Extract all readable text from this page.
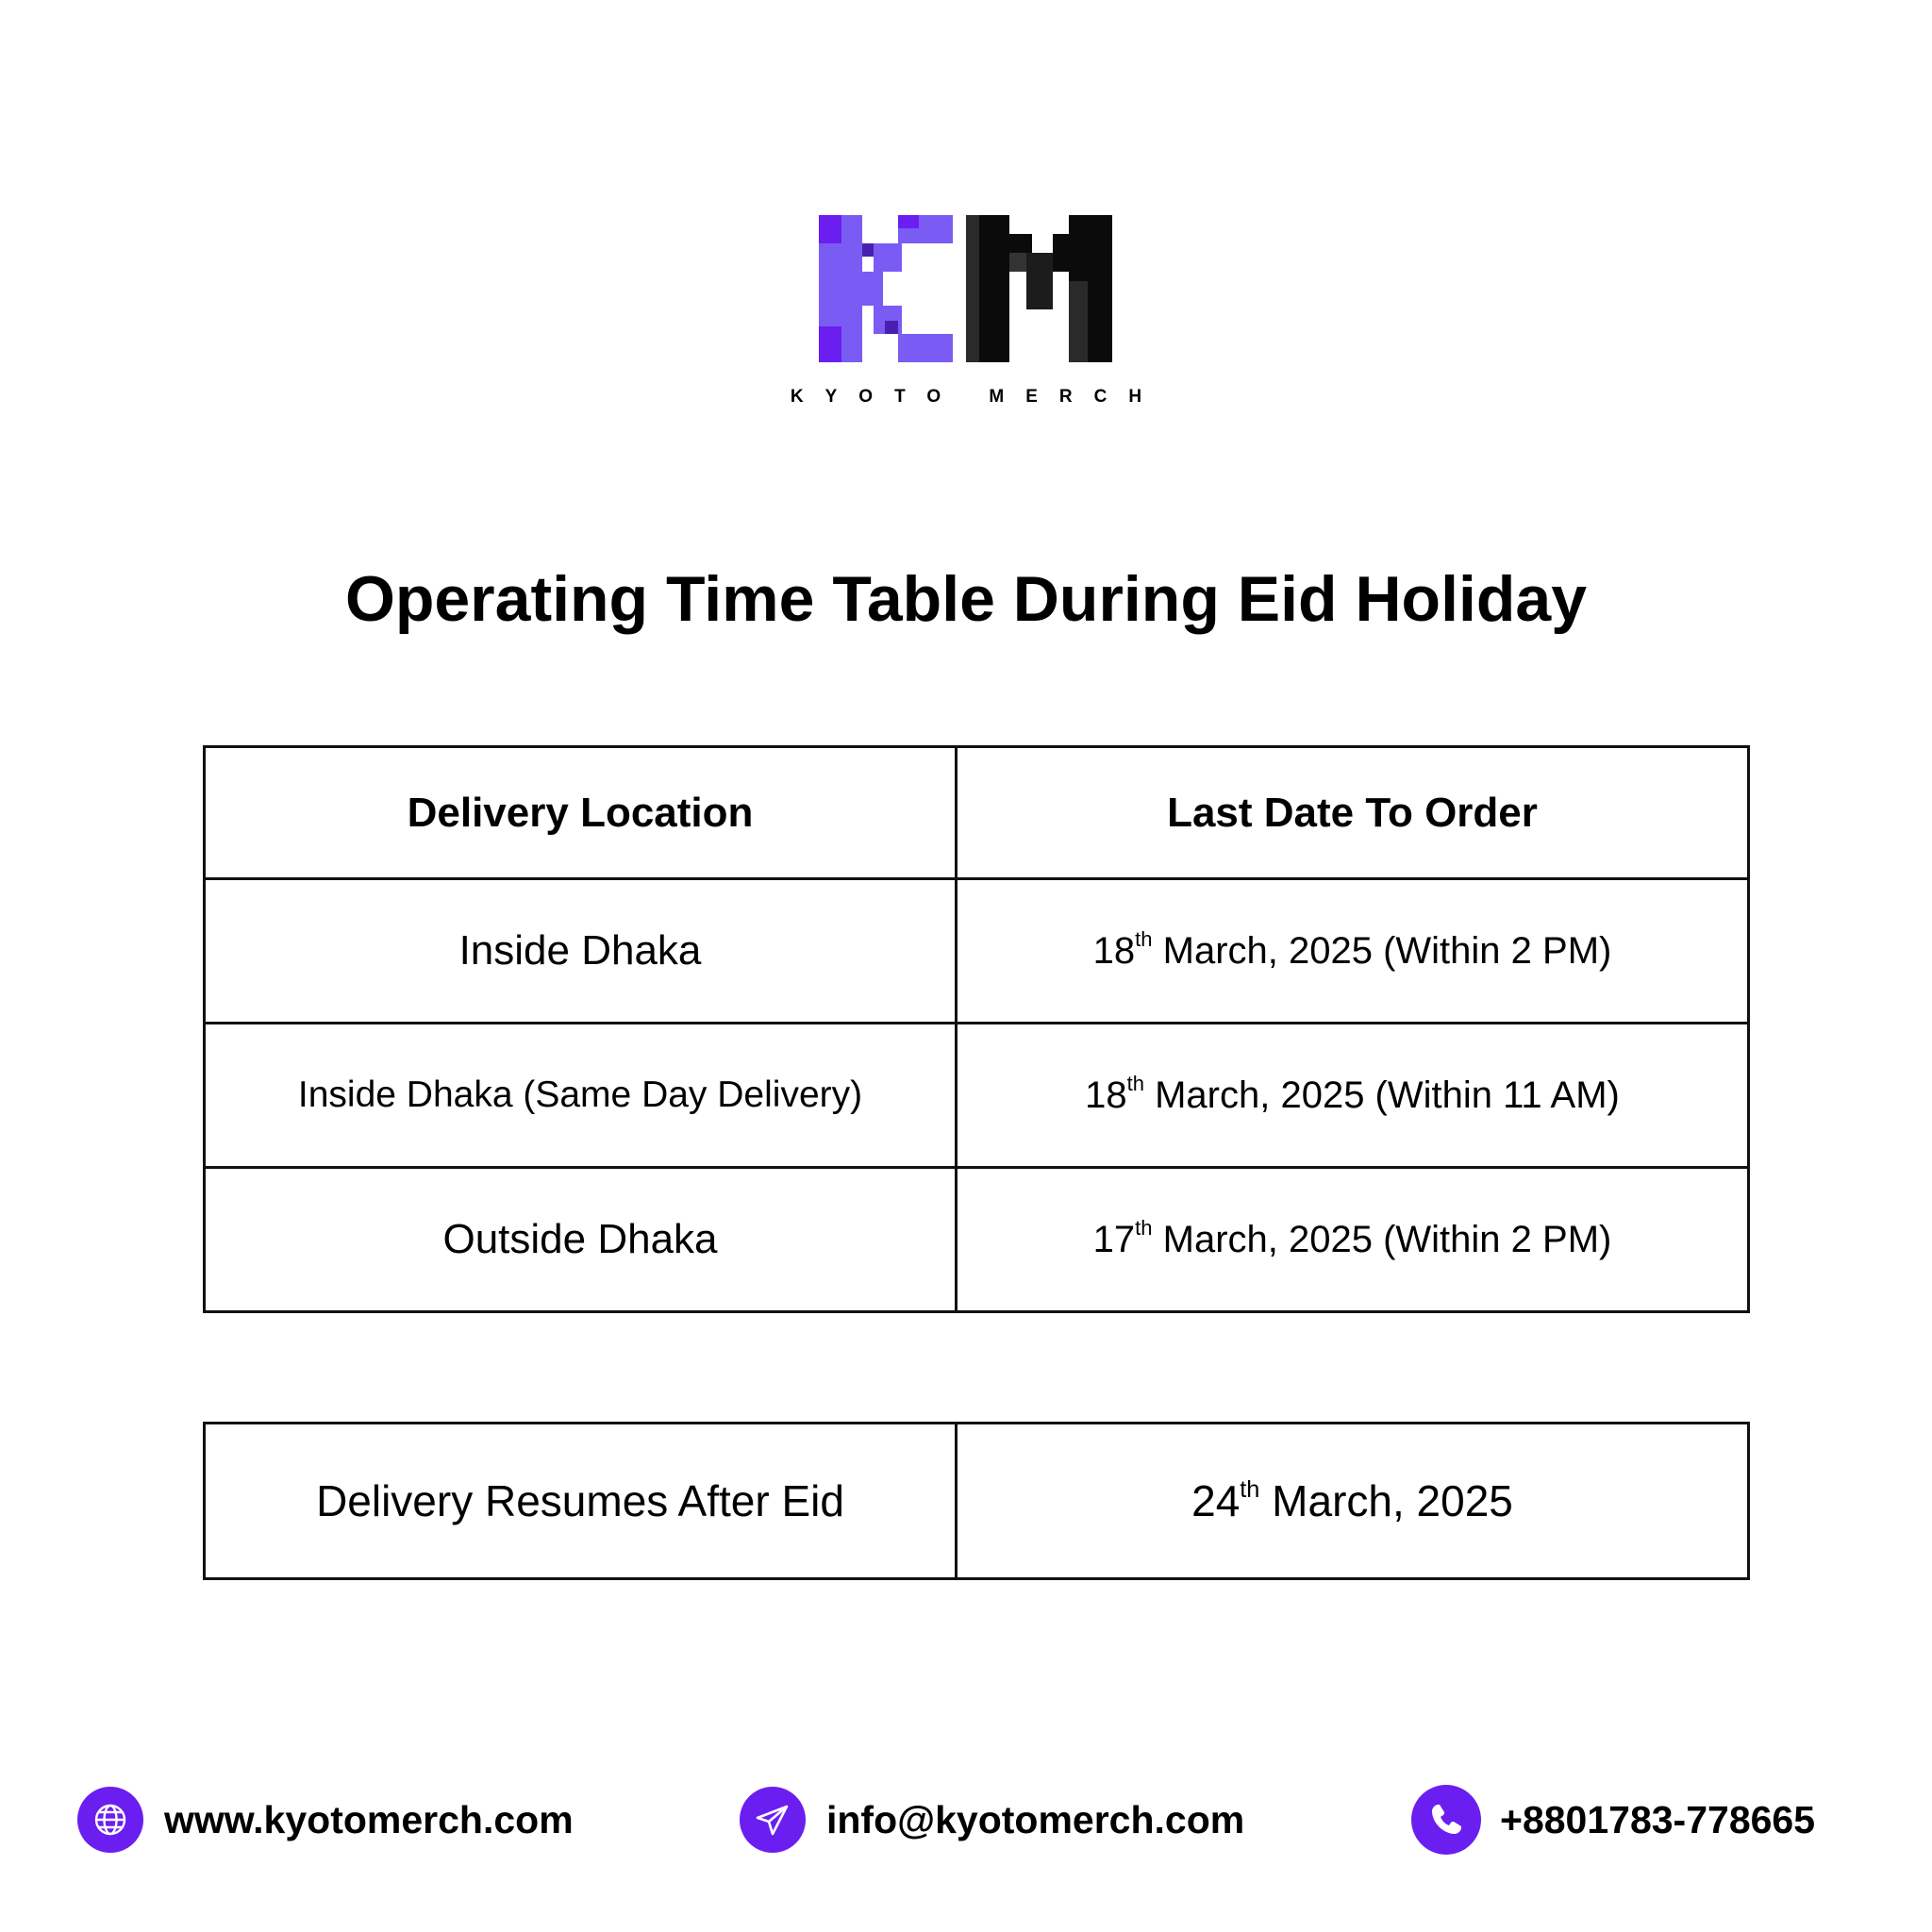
KYOTO MERCH
Operating Time Table During Eid Holiday
Delivery Location	Last Date To Order
Inside Dhaka	18th March, 2025 (Within 2 PM)
Inside Dhaka (Same Day Delivery)	18th March, 2025 (Within 11 AM)
Outside Dhaka	17th March, 2025 (Within 2 PM)
Delivery Resumes After Eid	24th March, 2025
www.kyotomerch.com	info@kyotomerch.com	+8801783-778665
